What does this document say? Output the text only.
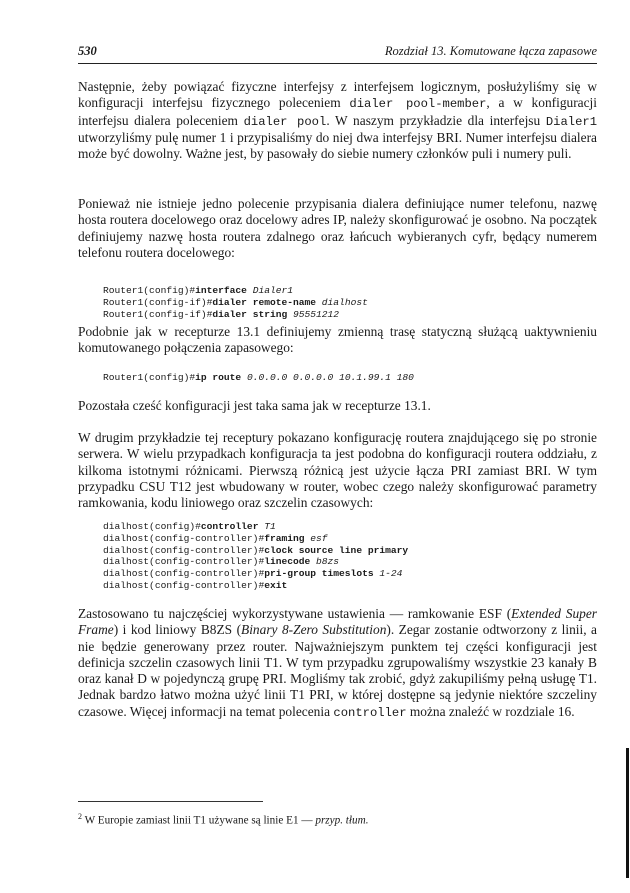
530	Rozdział 13. Komutowane łącza zapasowe

Następnie, żeby powiązać fizyczne interfejsy z interfejsem logicznym, posłużyliśmy się w konfiguracji interfejsu fizycznego poleceniem dialer pool-member, a w konfiguracji interfejsu dialera poleceniem dialer pool. W naszym przykładzie dla interfejsu Dialer1 utworzyliśmy pulę numer 1 i przypisaliśmy do niej dwa interfejsy BRI. Numer interfejsu dialera może być dowolny. Ważne jest, by pasowały do siebie numery członków puli i numery puli.

Ponieważ nie istnieje jedno polecenie przypisania dialera definiujące numer telefonu, nazwę hosta routera docelowego oraz docelowy adres IP, należy skonfigurować je osobno. Na początek definiujemy nazwę hosta routera zdalnego oraz łańcuch wybieranych cyfr, będący numerem telefonu routera docelowego:

Router1(config)#interface Dialer1
Router1(config-if)#dialer remote-name dialhost
Router1(config-if)#dialer string 95551212

Podobnie jak w recepturze 13.1 definiujemy zmienną trasę statyczną służącą uaktywnieniu komutowanego połączenia zapasowego:

Router1(config)#ip route 0.0.0.0 0.0.0.0 10.1.99.1 180

Pozostała cześć konfiguracji jest taka sama jak w recepturze 13.1.

W drugim przykładzie tej receptury pokazano konfigurację routera znajdującego się po stronie serwera. W wielu przypadkach konfiguracja ta jest podobna do konfiguracji routera oddziału, z kilkoma istotnymi różnicami. Pierwszą różnicą jest użycie łącza PRI zamiast BRI. W tym przypadku CSU T12 jest wbudowany w router, wobec czego należy skonfigurować parametry ramkowania, kodu liniowego oraz szczelin czasowych:

dialhost(config)#controller T1
dialhost(config-controller)#framing esf
dialhost(config-controller)#clock source line primary
dialhost(config-controller)#linecode b8zs
dialhost(config-controller)#pri-group timeslots 1-24
dialhost(config-controller)#exit

Zastosowano tu najczęściej wykorzystywane ustawienia — ramkowanie ESF (Extended Super Frame) i kod liniowy B8ZS (Binary 8-Zero Substitution). Zegar zostanie odtworzony z linii, a nie będzie generowany przez router. Najważniejszym punktem tej części konfiguracji jest definicja szczelin czasowych linii T1. W tym przypadku zgrupowaliśmy wszystkie 23 kanały B oraz kanał D w pojedynczą grupę PRI. Mogliśmy tak zrobić, gdyż zakupiliśmy pełną usługę T1. Jednak bardzo łatwo można użyć linii T1 PRI, w której dostępne są jedynie niektóre szczeliny czasowe. Więcej informacji na temat polecenia controller można znaleźć w rozdziale 16.

$^2$ W Europie zamiast linii T1 używane są linie E1 — przyp. tłum.
